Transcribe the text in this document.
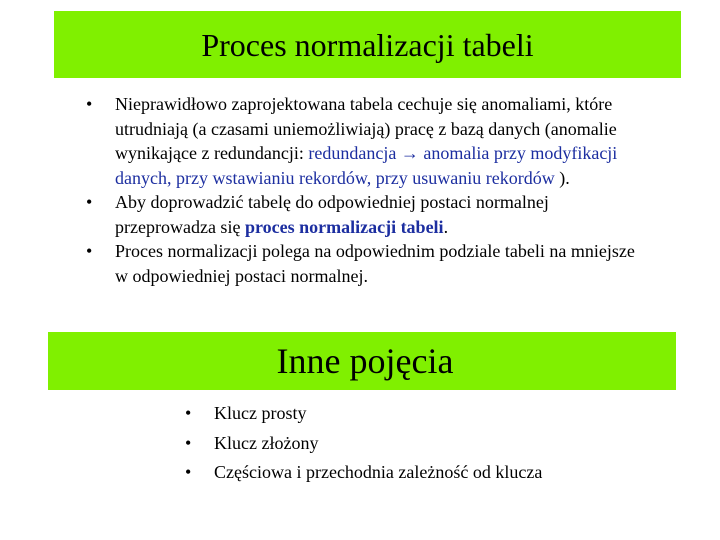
Proces normalizacji tabeli
• Nieprawidłowo zaprojektowana tabela cechuje się anomaliami, które utrudniają (a czasami uniemożliwiają) pracę z bazą danych (anomalie wynikające z redundancji: redundancja → anomalia przy modyfikacji danych, przy wstawianiu rekordów, przy usuwaniu rekordów ).
• Aby doprowadzić tabelę do odpowiedniej postaci normalnej przeprowadza się proces normalizacji tabeli.
• Proces normalizacji polega na odpowiednim podziale tabeli na mniejsze w odpowiedniej postaci normalnej.
Inne pojęcia
• Klucz prosty
• Klucz złożony
• Częściowa i przechodnia zależność od klucza
